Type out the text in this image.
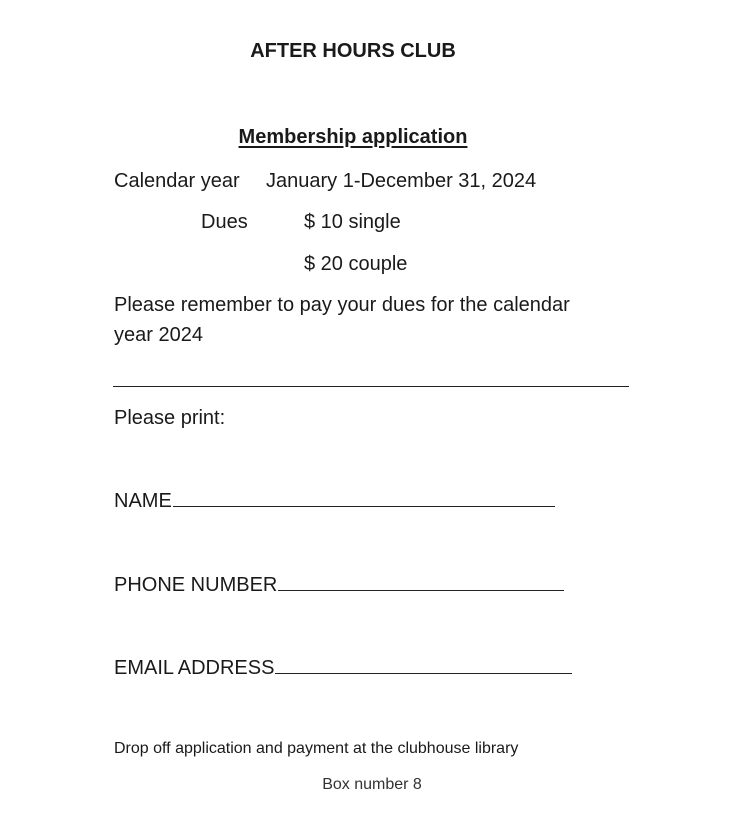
AFTER HOURS CLUB
Membership application
Calendar year January 1-December 31, 2024
Dues	$ 10 single
$ 20 couple
Please remember to pay your dues for the calendar
year 2024
Please print:
NAME
PHONE NUMBER
EMAIL ADDRESS
Drop off application and payment at the clubhouse library
Box number 8
